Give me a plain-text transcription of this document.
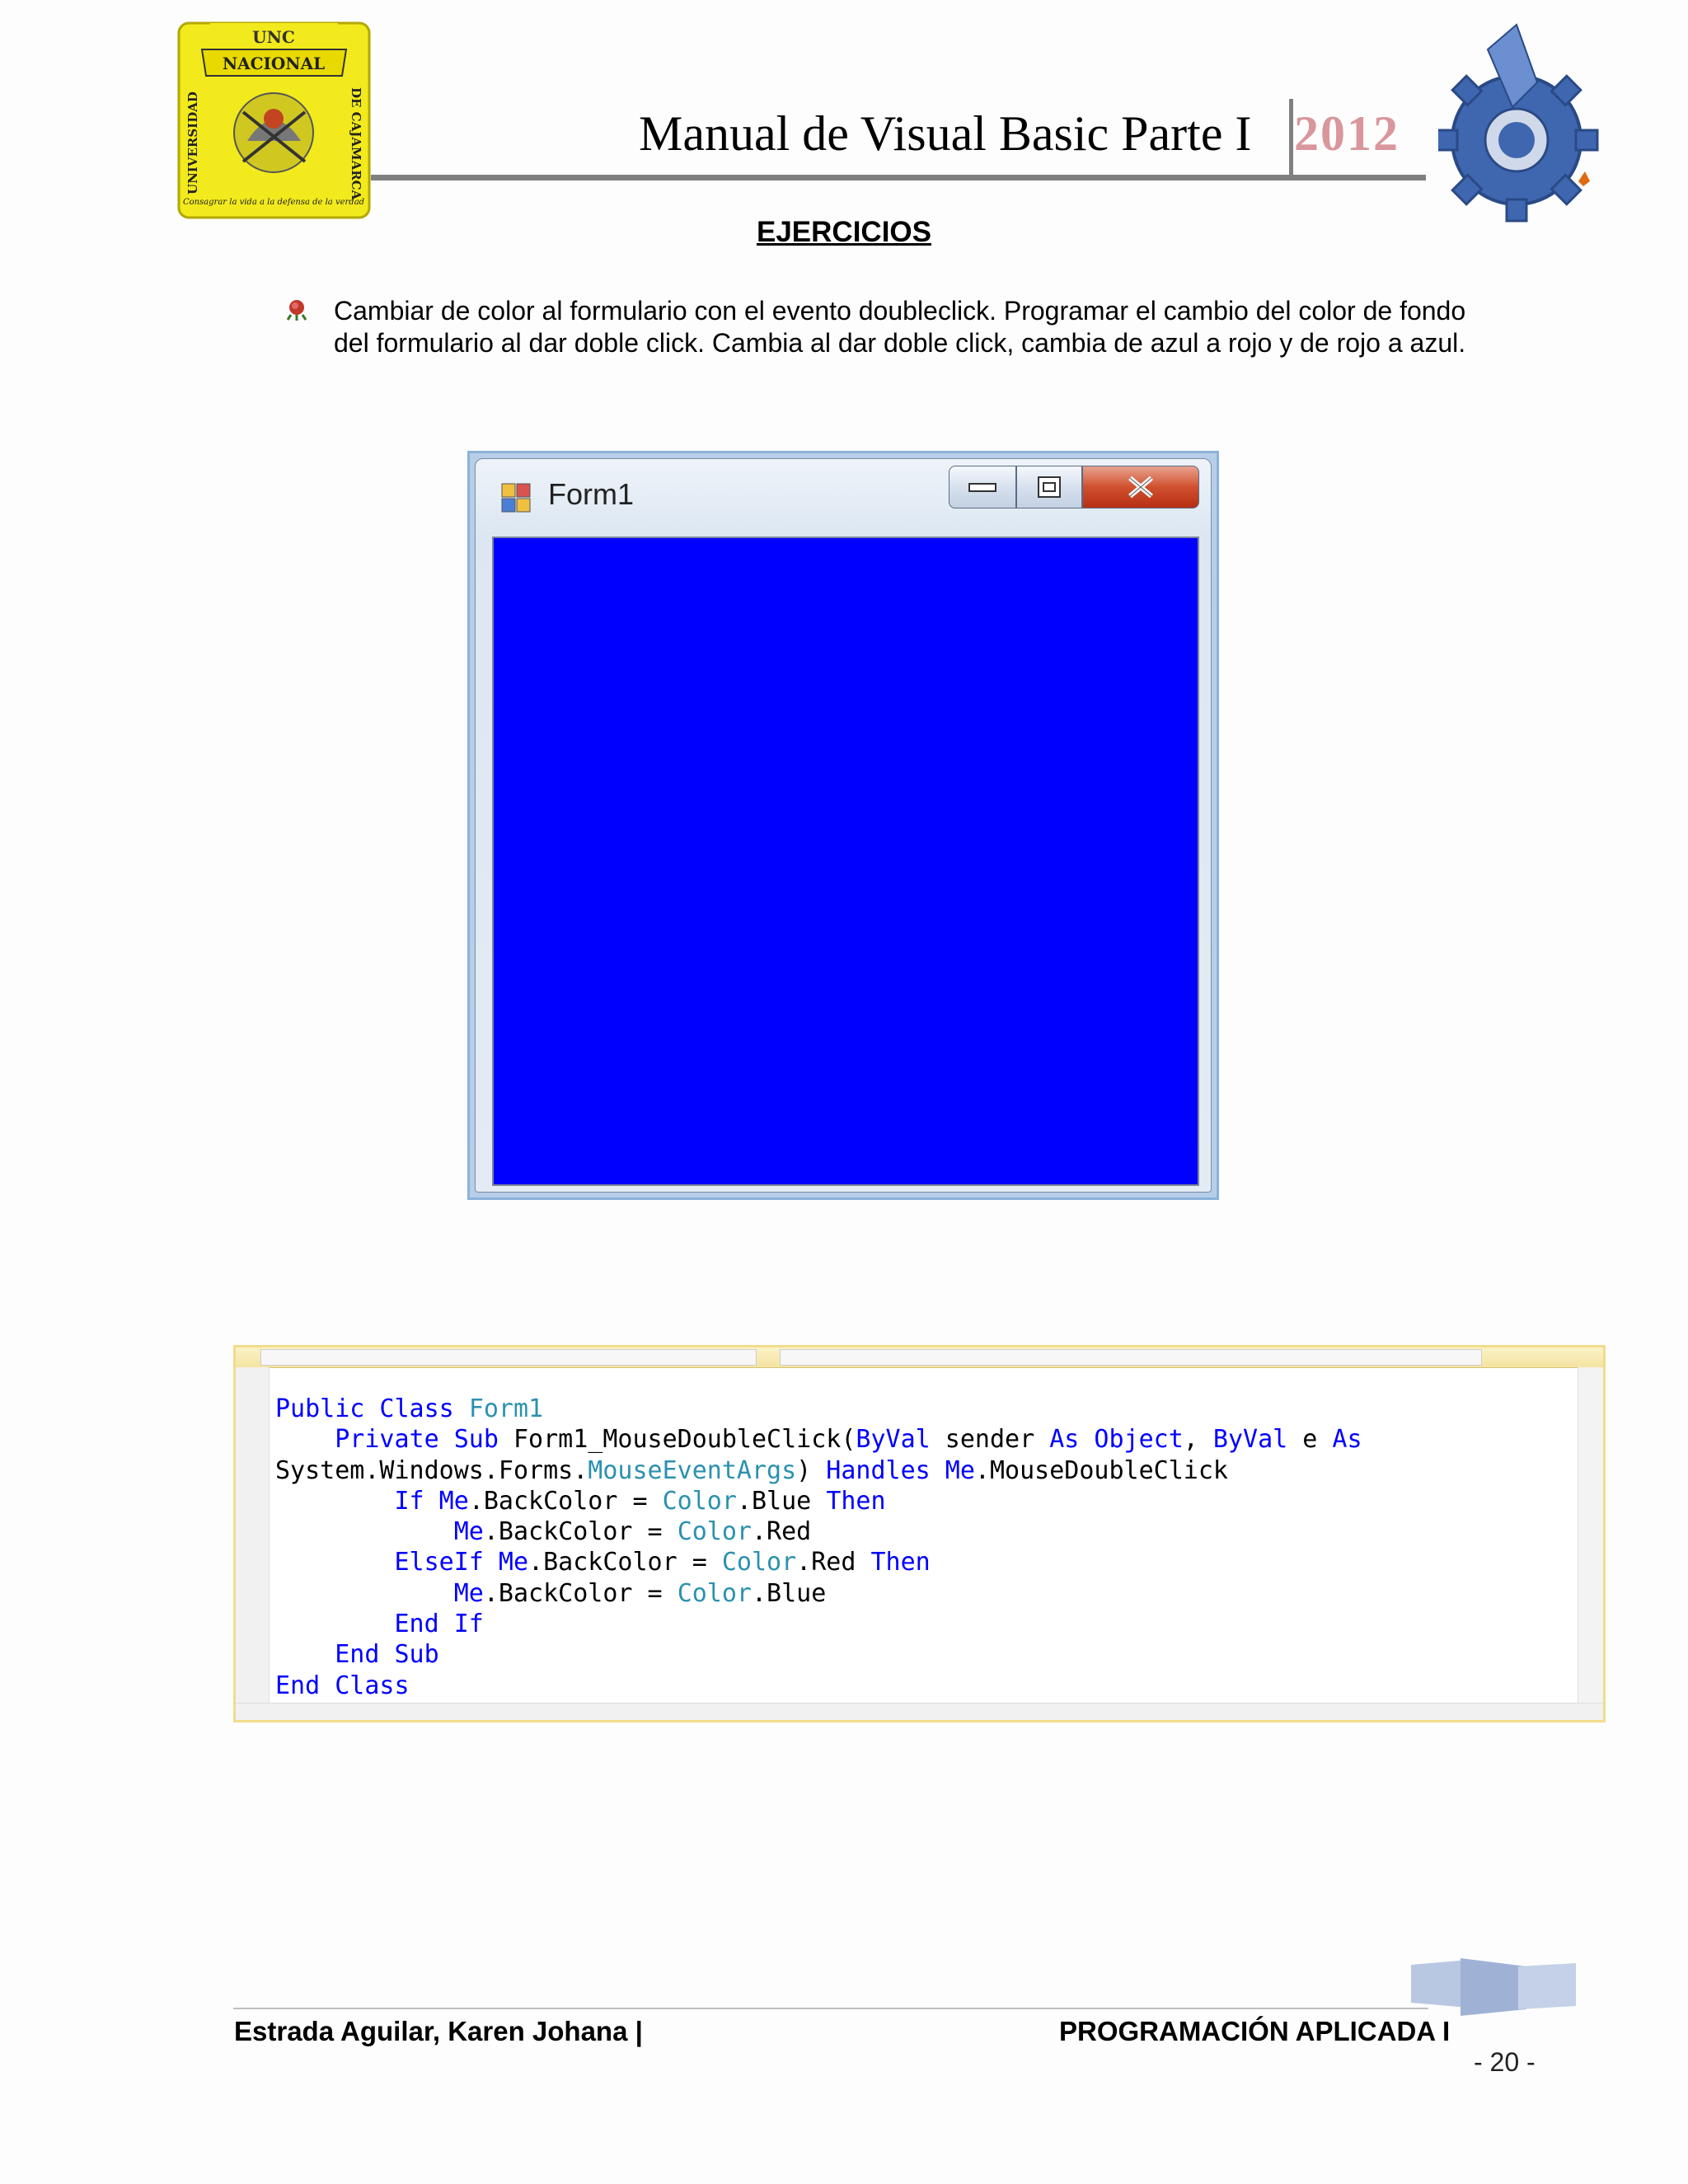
UNC
NACIONAL
UNIVERSIDAD	DE CAJAMARCA
Consagrar la vida a la defensa de la verdad
Manual de Visual Basic Parte I 2012
EJERCICIOS
Cambiar de color al formulario con el evento doubleclick. Programar el cambio del color de fondo del formulario al dar doble click. Cambia al dar doble click, cambia de azul a rojo y de rojo a azul.
Form1
Public Class Form1
Private Sub Form1_MouseDoubleClick(ByVal sender As Object, ByVal e As
System.Windows.Forms.MouseEventArgs) Handles Me.MouseDoubleClick
If Me.BackColor = Color.Blue Then
Me.BackColor = Color.Red
ElseIf Me.BackColor = Color.Red Then
Me.BackColor = Color.Blue
End If
End Sub
End Class
Estrada Aguilar, Karen Johana |	PROGRAMACIÓN APLICADA I
- 20 -
